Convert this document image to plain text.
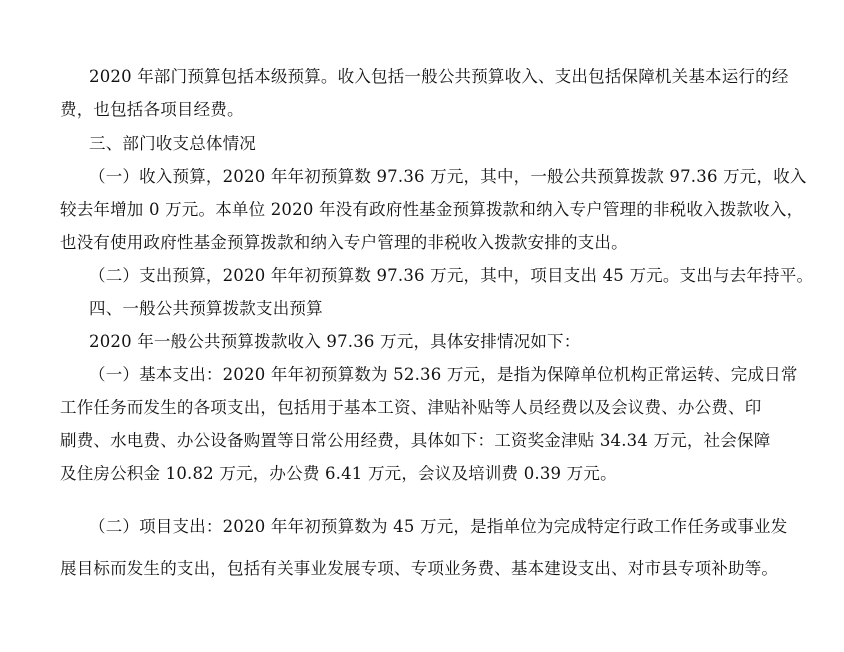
2020 年部门预算包括本级预算。收入包括一般公共预算收入、支出包括保障机关基本运行的经
费，也包括各项目经费。
三、部门收支总体情况
（一）收入预算，2020 年年初预算数 97.36 万元，其中，一般公共预算拨款 97.36 万元，收入
较去年增加 0 万元。本单位 2020 年没有政府性基金预算拨款和纳入专户管理的非税收入拨款收入，
也没有使用政府性基金预算拨款和纳入专户管理的非税收入拨款安排的支出。
（二）支出预算，2020 年年初预算数 97.36 万元，其中，项目支出 45 万元。支出与去年持平。
四、一般公共预算拨款支出预算
2020 年一般公共预算拨款收入 97.36 万元，具体安排情况如下：
（一）基本支出：2020 年年初预算数为 52.36 万元，是指为保障单位机构正常运转、完成日常
工作任务而发生的各项支出，包括用于基本工资、津贴补贴等人员经费以及会议费、办公费、印
刷费、水电费、办公设备购置等日常公用经费，具体如下：工资奖金津贴 34.34 万元，社会保障
及住房公积金 10.82 万元，办公费 6.41 万元，会议及培训费 0.39 万元。
（二）项目支出：2020 年年初预算数为 45 万元，是指单位为完成特定行政工作任务或事业发
展目标而发生的支出，包括有关事业发展专项、专项业务费、基本建设支出、对市县专项补助等。
